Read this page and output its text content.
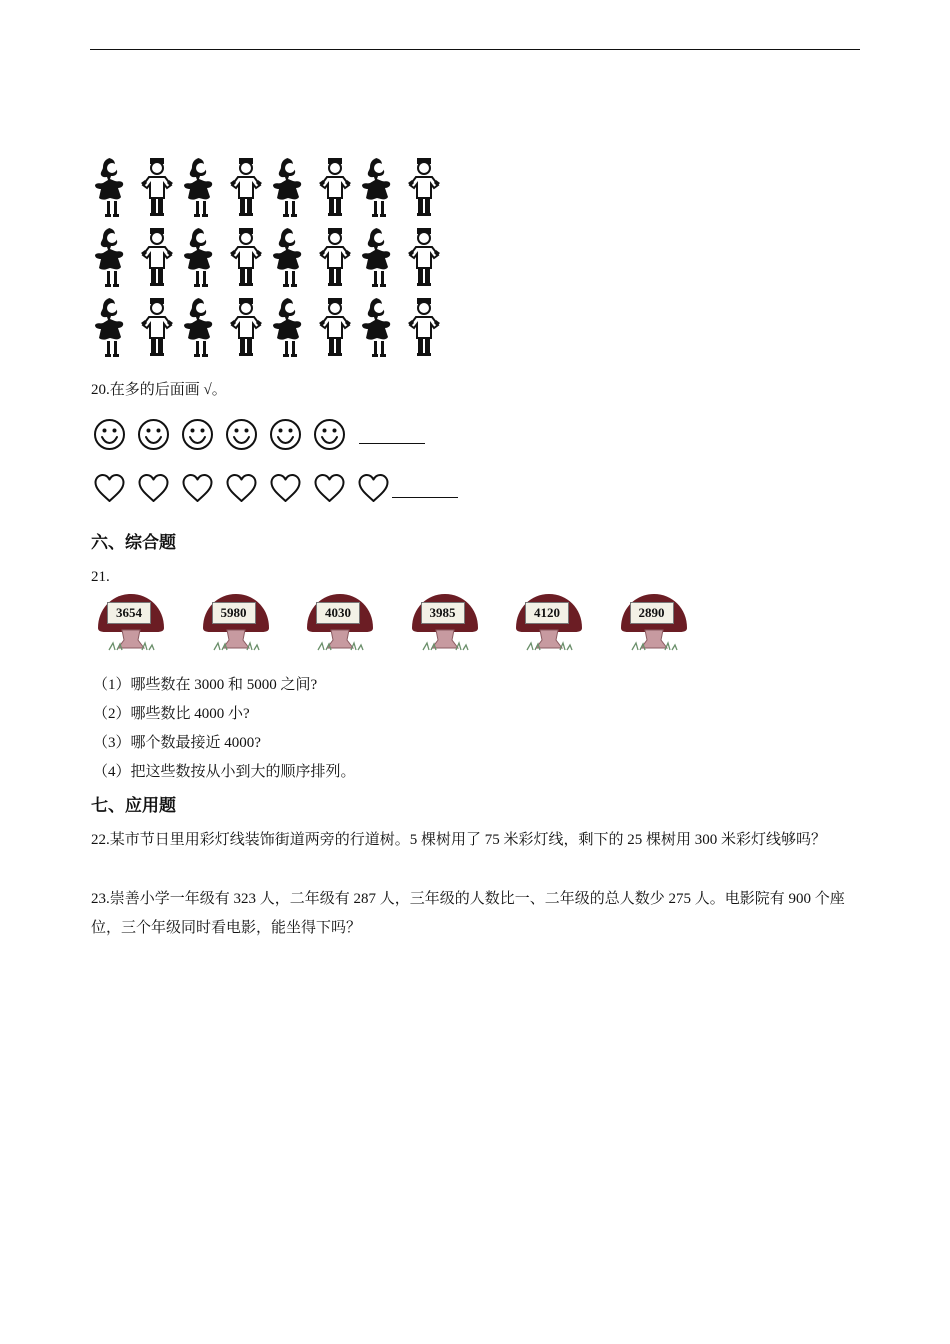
20.在多的后面画 √。
六、综合题
21.
3654	5980	4030	3985	4120	2890
（1）哪些数在 3000 和 5000 之间?
（2）哪些数比 4000 小?
（3）哪个数最接近 4000?
（4）把这些数按从小到大的顺序排列。
七、应用题
22.某市节日里用彩灯线装饰街道两旁的行道树。5 棵树用了 75 米彩灯线，剩下的 25 棵树用 300 米彩灯线够吗？
23.崇善小学一年级有 323 人，二年级有 287 人，三年级的人数比一、二年级的总人数少 275 人。电影院有 900 个座位，三个年级同时看电影，能坐得下吗？
